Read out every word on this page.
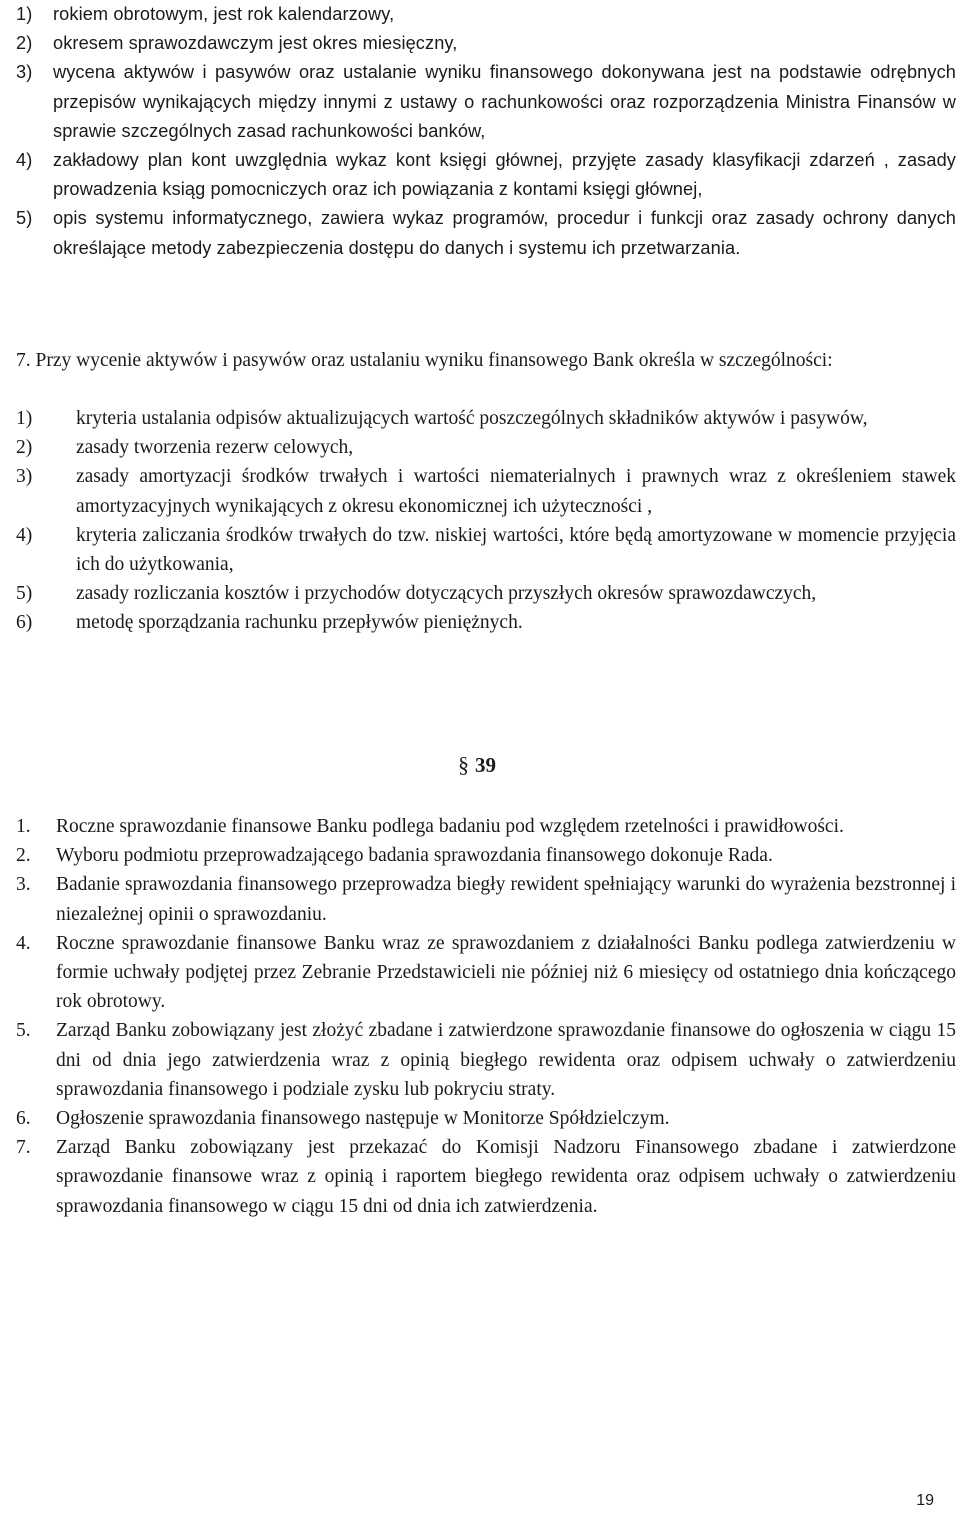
1)	rokiem obrotowym, jest rok kalendarzowy,
2)	okresem sprawozdawczym jest okres miesięczny,
3)	wycena aktywów i pasywów oraz ustalanie wyniku finansowego dokonywana jest na podstawie odrębnych przepisów wynikających między innymi z ustawy o rachunkowości oraz rozporządzenia Ministra Finansów w sprawie szczególnych zasad rachunkowości banków,
4)	zakładowy plan kont uwzględnia wykaz kont księgi głównej, przyjęte zasady klasyfikacji zdarzeń , zasady prowadzenia ksiąg pomocniczych oraz ich powiązania z kontami księgi głównej,
5)	opis systemu informatycznego, zawiera wykaz programów, procedur i funkcji oraz zasady ochrony danych określające metody zabezpieczenia dostępu do danych i systemu ich przetwarzania.
7. Przy wycenie aktywów i pasywów oraz ustalaniu wyniku finansowego Bank określa w szczególności:
1)	kryteria ustalania odpisów aktualizujących wartość poszczególnych składników aktywów i pasywów,
2)	zasady tworzenia rezerw celowych,
3)	zasady amortyzacji środków trwałych i wartości niematerialnych i prawnych wraz z określeniem stawek amortyzacyjnych wynikających z okresu ekonomicznej ich użyteczności ,
4)	kryteria zaliczania środków trwałych do tzw. niskiej wartości, które będą amortyzowane w momencie przyjęcia ich do użytkowania,
5)	zasady rozliczania kosztów i przychodów dotyczących przyszłych okresów sprawozdawczych,
6)	metodę sporządzania rachunku przepływów pieniężnych.
§ 39
1.	Roczne sprawozdanie finansowe Banku podlega badaniu pod względem rzetelności i prawidłowości.
2.	Wyboru podmiotu przeprowadzającego badania sprawozdania finansowego dokonuje Rada.
3.	Badanie sprawozdania finansowego przeprowadza biegły rewident spełniający warunki do wyrażenia bezstronnej i niezależnej opinii o sprawozdaniu.
4.	Roczne sprawozdanie finansowe Banku wraz ze sprawozdaniem z działalności Banku podlega zatwierdzeniu w formie uchwały podjętej przez Zebranie Przedstawicieli nie później niż 6 miesięcy od ostatniego dnia kończącego rok obrotowy.
5.	Zarząd Banku zobowiązany jest złożyć zbadane i zatwierdzone sprawozdanie finansowe do ogłoszenia w ciągu 15 dni od dnia jego zatwierdzenia wraz z opinią biegłego rewidenta oraz odpisem uchwały o zatwierdzeniu sprawozdania finansowego i podziale zysku lub pokryciu straty.
6.	Ogłoszenie sprawozdania finansowego następuje w Monitorze Spółdzielczym.
7.	Zarząd Banku zobowiązany jest przekazać do Komisji Nadzoru Finansowego zbadane i zatwierdzone sprawozdanie finansowe wraz z opinią i raportem biegłego rewidenta oraz odpisem uchwały o zatwierdzeniu sprawozdania finansowego w ciągu 15 dni od dnia ich zatwierdzenia.
19
